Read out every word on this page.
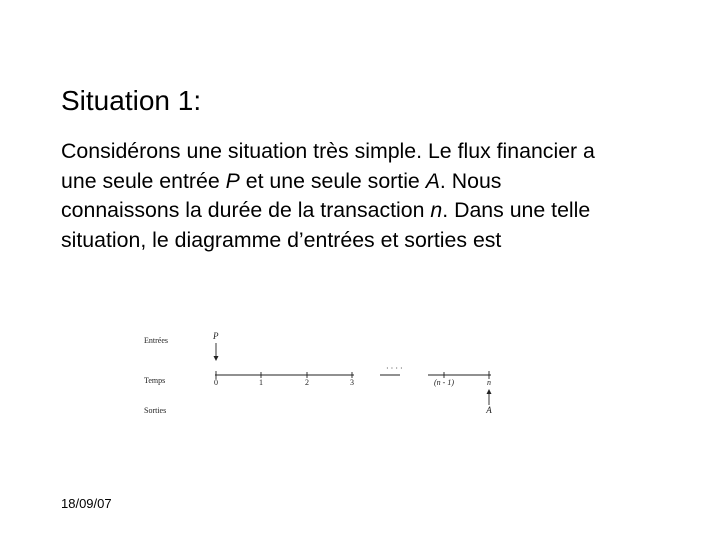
Situation 1:
Considérons une situation très simple. Le flux financier a une seule entrée P et une seule sortie A. Nous connaissons la durée de la transaction n. Dans une telle situation, le diagramme d’entrées et sorties est
Entrées
Temps
Sorties
P
· · · ·
0	1	2	3	(n - 1)	n
A
18/09/07
